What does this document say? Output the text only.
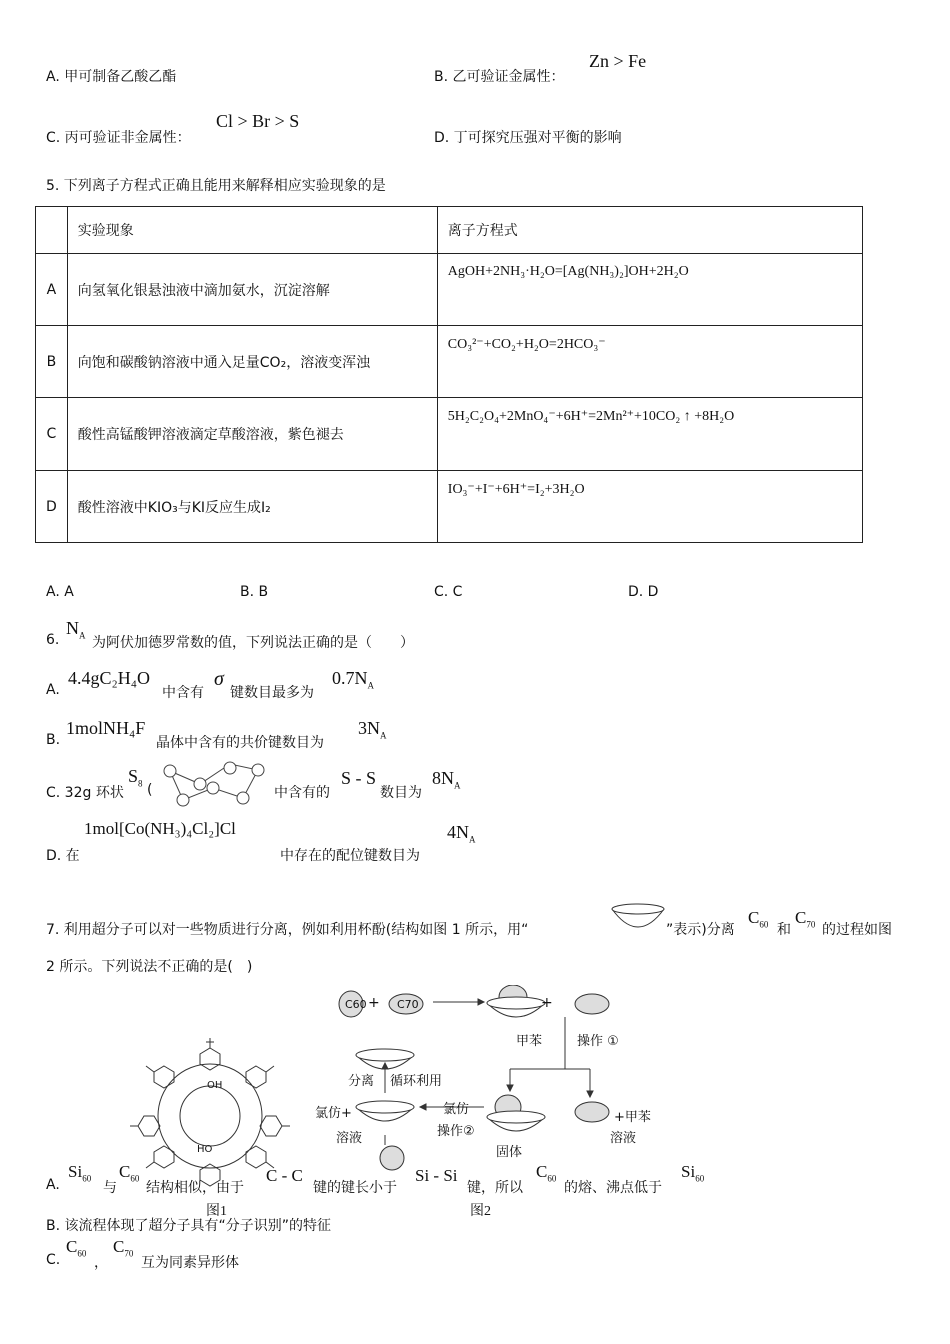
A. 甲可制备乙酸乙酯	B. 乙可验证金属性：
Zn > Fe
C. 丙可验证非金属性：
Cl > Br > S
D. 丁可探究压强对平衡的影响
5. 下列离子方程式正确且能用来解释相应实验现象的是
	实验现象	离子方程式
A	向氢氧化银悬浊液中滴加氨水，沉淀溶解	AgOH+2NH₃·H₂O=[Ag(NH₃)₂]OH+2H₂O
B	向饱和碳酸钠溶液中通入足量CO₂，溶液变浑浊	CO₃²⁻+CO₂+H₂O=2HCO₃⁻
C	酸性高锰酸钾溶液滴定草酸溶液，紫色褪去	5H₂C₂O₄+2MnO₄⁻+6H⁺=2Mn²⁺+10CO₂ ↑ +8H₂O
D	酸性溶液中KIO₃与KI反应生成I₂	IO₃⁻+I⁻+6H⁺=I₂+3H₂O
A. A	B. B	C. C	D. D
6.
$N_A$ 为阿伏加德罗常数的值，下列说法正确的是（　　）
A.
4.4gC₂H₄O
中含有
σ
键数目最多为
$0.7N_A$
B.
1molNH₄F
晶体中含有的共价键数目为
$3N_A$
C. 32g 环状
$S_8$ (	中含有的
S - S
数目为
$8N_A$
D. 在
1mol[Co(NH₃)₄Cl₂]Cl
中存在的配位键数目为
$4N_A$
7. 利用超分子可以对一些物质进行分离，例如利用杯酚(结构如图 1 所示，用“	”表示)分离
$C_{60}$ 和
$C_{70}$ 的过程如图
2 所示。下列说法不正确的是(　)
OH
HO
图1
C60 + C70	+
甲苯	操作 ①
分离 循环利用
氯仿+
溶液
氯仿
操作②
固体
+甲苯
溶液
图2
A.
$Si_{60}$
与
$C_{60}$
结构相似，由于
C - C
键的键长小于
Si - Si
键，所以
$C_{60}$
的熔、沸点低于
$Si_{60}$
B. 该流程体现了超分子具有“分子识别”的特征
C.
$C_{60}$
，
$C_{70}$
互为同素异形体
